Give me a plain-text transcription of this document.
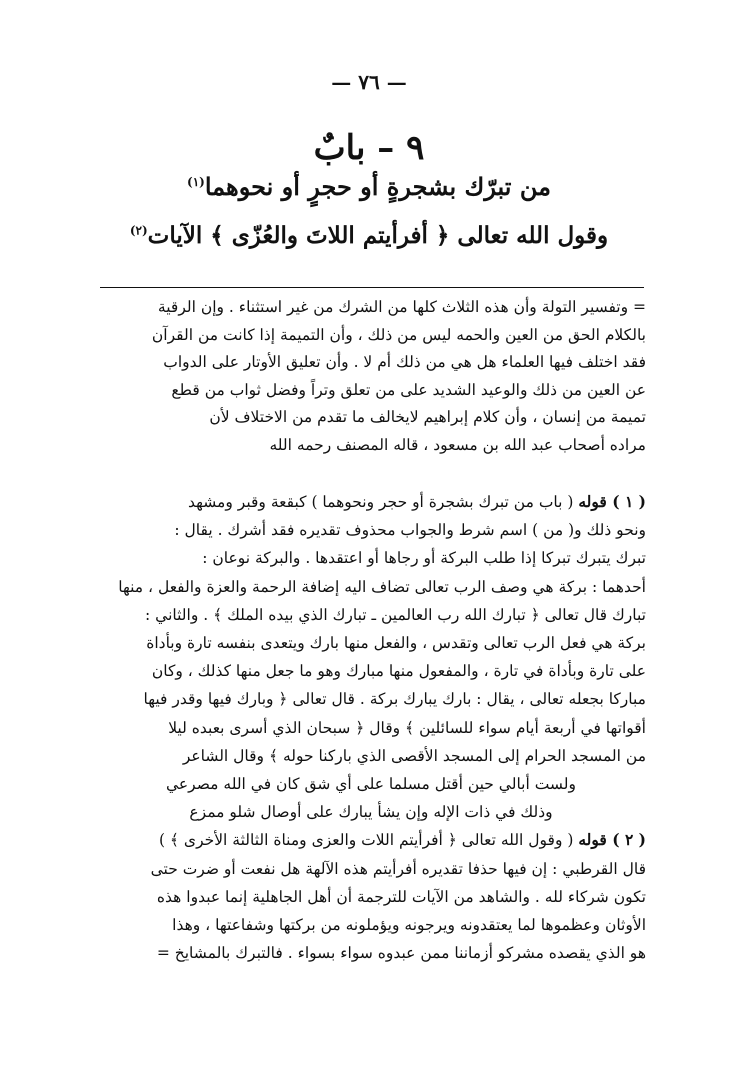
— ٧٦ —
٩ – بابٌ
من تبرّك بشجرةٍ أو حجرٍ أو نحوهما$^{(١)}$
وقول الله تعالى ﴿ أفرأيتم اللاتَ والعُزّى ﴾ الآيات$^{(٢)}$
= وتفسير التولة وأن هذه الثلاث كلها من الشرك من غير استثناء . وإن الرقية
بالكلام الحق من العين والحمه ليس من ذلك ، وأن التميمة إذا كانت من القرآن
فقد اختلف فيها العلماء هل هي من ذلك أم لا . وأن تعليق الأوتار على الدواب
عن العين من ذلك والوعيد الشديد على من تعلق وتراً وفضل ثواب من قطع
تميمة من إنسان ، وأن كلام إبراهيم لايخالف ما تقدم من الاختلاف لأن
مراده أصحاب عبد الله بن مسعود ، قاله المصنف رحمه الله
( ١ ) قوله ( باب من تبرك بشجرة أو حجر ونحوهما ) كبقعة وقبر ومشهد
ونحو ذلك و( من ) اسم شرط والجواب محذوف تقديره فقد أشرك . يقال :
تبرك يتبرك تبركا إذا طلب البركة أو رجاها أو اعتقدها . والبركة نوعان :
أحدهما : بركة هي وصف الرب تعالى تضاف اليه إضافة الرحمة والعزة والفعل ، منها
تبارك قال تعالى ﴿ تبارك الله رب العالمين ـ تبارك الذي بيده الملك ﴾ . والثاني :
بركة هي فعل الرب تعالى وتقدس ، والفعل منها بارك ويتعدى بنفسه تارة وبأداة
على تارة وبأداة في تارة ، والمفعول منها مبارك وهو ما جعل منها كذلك ، وكان
مباركا بجعله تعالى ، يقال : بارك يبارك بركة . قال تعالى ﴿ وبارك فيها وقدر فيها
أقواتها في أربعة أيام سواء للسائلين ﴾ وقال ﴿ سبحان الذي أسرى بعبده ليلا
من المسجد الحرام إلى المسجد الأقصى الذي باركنا حوله ﴾ وقال الشاعر
ولست أبالي حين أقتل مسلما على أي شق كان في الله مصرعي
وذلك في ذات الإله وإن يشأ يبارك على أوصال شلو ممزع
( ٢ ) قوله ( وقول الله تعالى ﴿ أفرأيتم اللات والعزى ومناة الثالثة الأخرى ﴾ )
قال القرطبي : إن فيها حذفا تقديره أفرأيتم هذه الآلهة هل نفعت أو ضرت حتى
تكون شركاء لله . والشاهد من الآيات للترجمة أن أهل الجاهلية إنما عبدوا هذه
الأوثان وعظموها لما يعتقدونه ويرجونه ويؤملونه من بركتها وشفاعتها ، وهذا
هو الذي يقصده مشركو أزماننا ممن عبدوه سواء بسواء . فالتبرك بالمشايخ =
